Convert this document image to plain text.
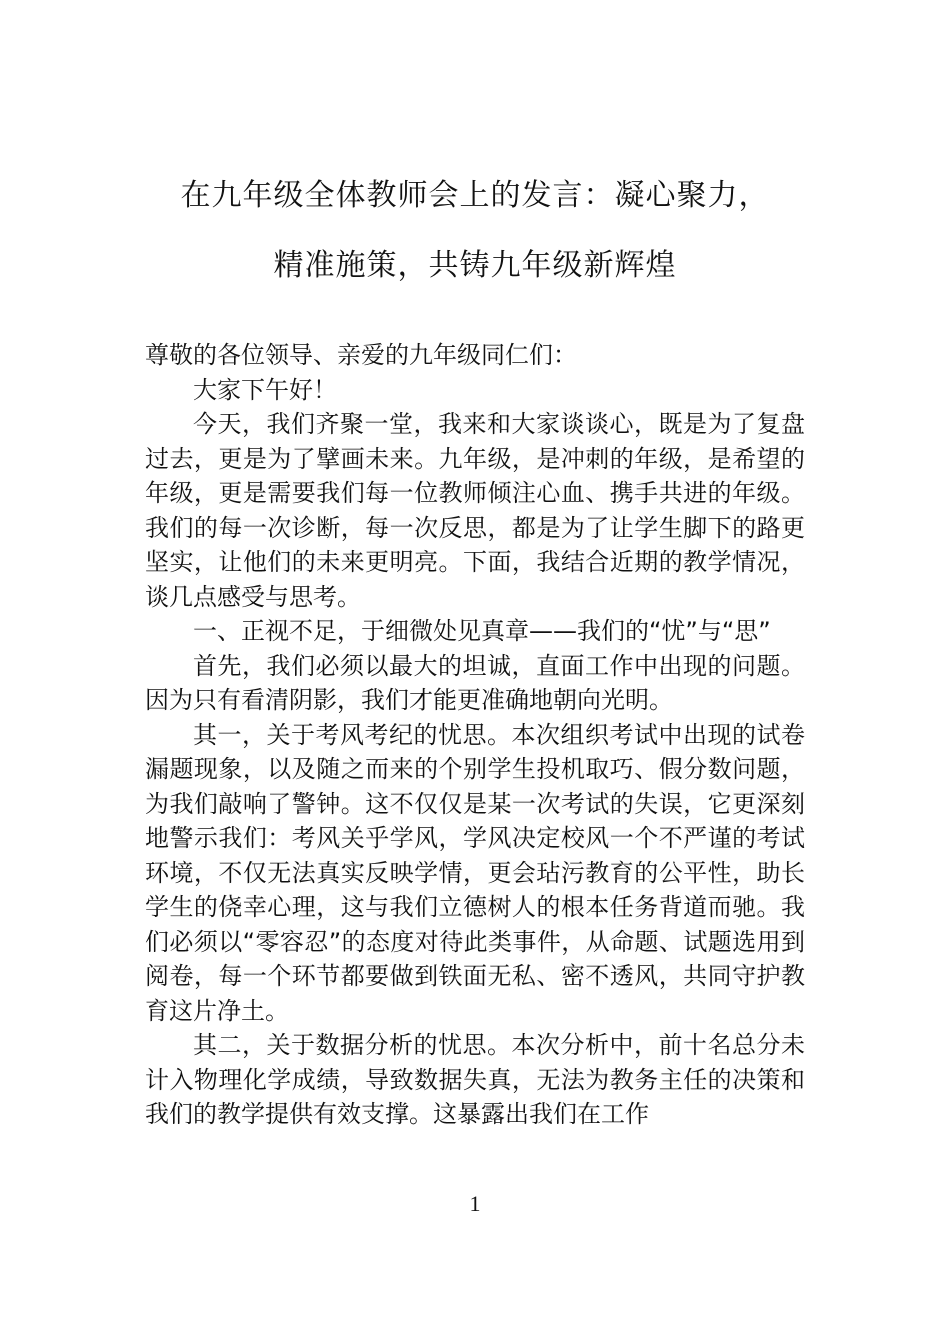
在九年级全体教师会上的发言：凝心聚力，
精准施策，共铸九年级新辉煌

尊敬的各位领导、亲爱的九年级同仁们：

大家下午好！

今天，我们齐聚一堂，我来和大家谈谈心，既是为了复盘过去，更是为了擘画未来。九年级，是冲刺的年级，是希望的年级，更是需要我们每一位教师倾注心血、携手共进的年级。我们的每一次诊断，每一次反思，都是为了让学生脚下的路更坚实，让他们的未来更明亮。下面，我结合近期的教学情况，谈几点感受与思考。

一、正视不足，于细微处见真章——我们的“忧”与“思”

首先，我们必须以最大的坦诚，直面工作中出现的问题。因为只有看清阴影，我们才能更准确地朝向光明。

其一，关于考风考纪的忧思。本次组织考试中出现的试卷漏题现象，以及随之而来的个别学生投机取巧、假分数问题，为我们敲响了警钟。这不仅仅是某一次考试的失误，它更深刻地警示我们：考风关乎学风，学风决定校风一个不严谨的考试环境，不仅无法真实反映学情，更会玷污教育的公平性，助长学生的侥幸心理，这与我们立德树人的根本任务背道而驰。我们必须以“零容忍”的态度对待此类事件，从命题、试题选用到阅卷，每一个环节都要做到铁面无私、密不透风，共同守护教育这片净土。

其二，关于数据分析的忧思。本次分析中，前十名总分未计入物理化学成绩，导致数据失真，无法为教务主任的决策和我们的教学提供有效支撑。这暴露出我们在工作

1
